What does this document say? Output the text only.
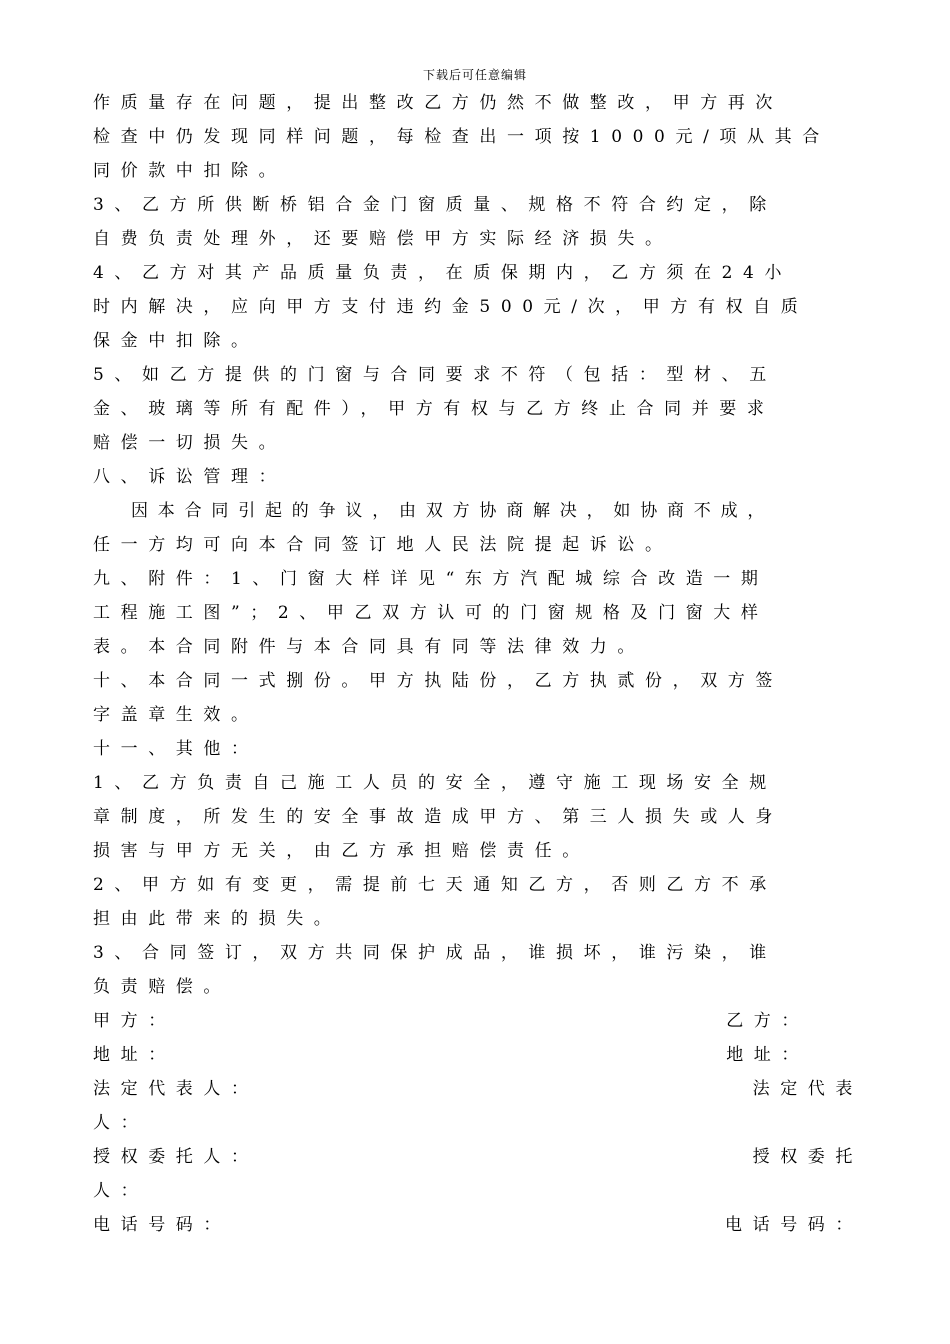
下载后可任意编辑
作质量存在问题，提出整改乙方仍然不做整改，甲方再次
检查中仍发现同样问题，每检查出一项按1000元/项从其合
同价款中扣除。
3、乙方所供断桥铝合金门窗质量、规格不符合约定，除
自费负责处理外，还要赔偿甲方实际经济损失。
4、乙方对其产品质量负责，在质保期内，乙方须在24小
时内解决，应向甲方支付违约金500元/次，甲方有权自质
保金中扣除。
5、如乙方提供的门窗与合同要求不符（包括：型材、五
金、玻璃等所有配件），甲方有权与乙方终止合同并要求
赔偿一切损失。
八、诉讼管理：
因本合同引起的争议，由双方协商解决，如协商不成，
任一方均可向本合同签订地人民法院提起诉讼。
九、附件：1、门窗大样详见“东方汽配城综合改造一期
工程施工图”；2、甲乙双方认可的门窗规格及门窗大样
表。本合同附件与本合同具有同等法律效力。
十、本合同一式捌份。甲方执陆份，乙方执贰份，双方签
字盖章生效。
十一、其他：
1、乙方负责自己施工人员的安全，遵守施工现场安全规
章制度，所发生的安全事故造成甲方、第三人损失或人身
损害与甲方无关，由乙方承担赔偿责任。
2、甲方如有变更，需提前七天通知乙方，否则乙方不承
担由此带来的损失。
3、合同签订，双方共同保护成品，谁损坏，谁污染，谁
负责赔偿。
甲方：	乙方：
地址：	地址：
法定代表人：	法定代表
人：
授权委托人：	授权委托
人：
电话号码：	电话号码：
